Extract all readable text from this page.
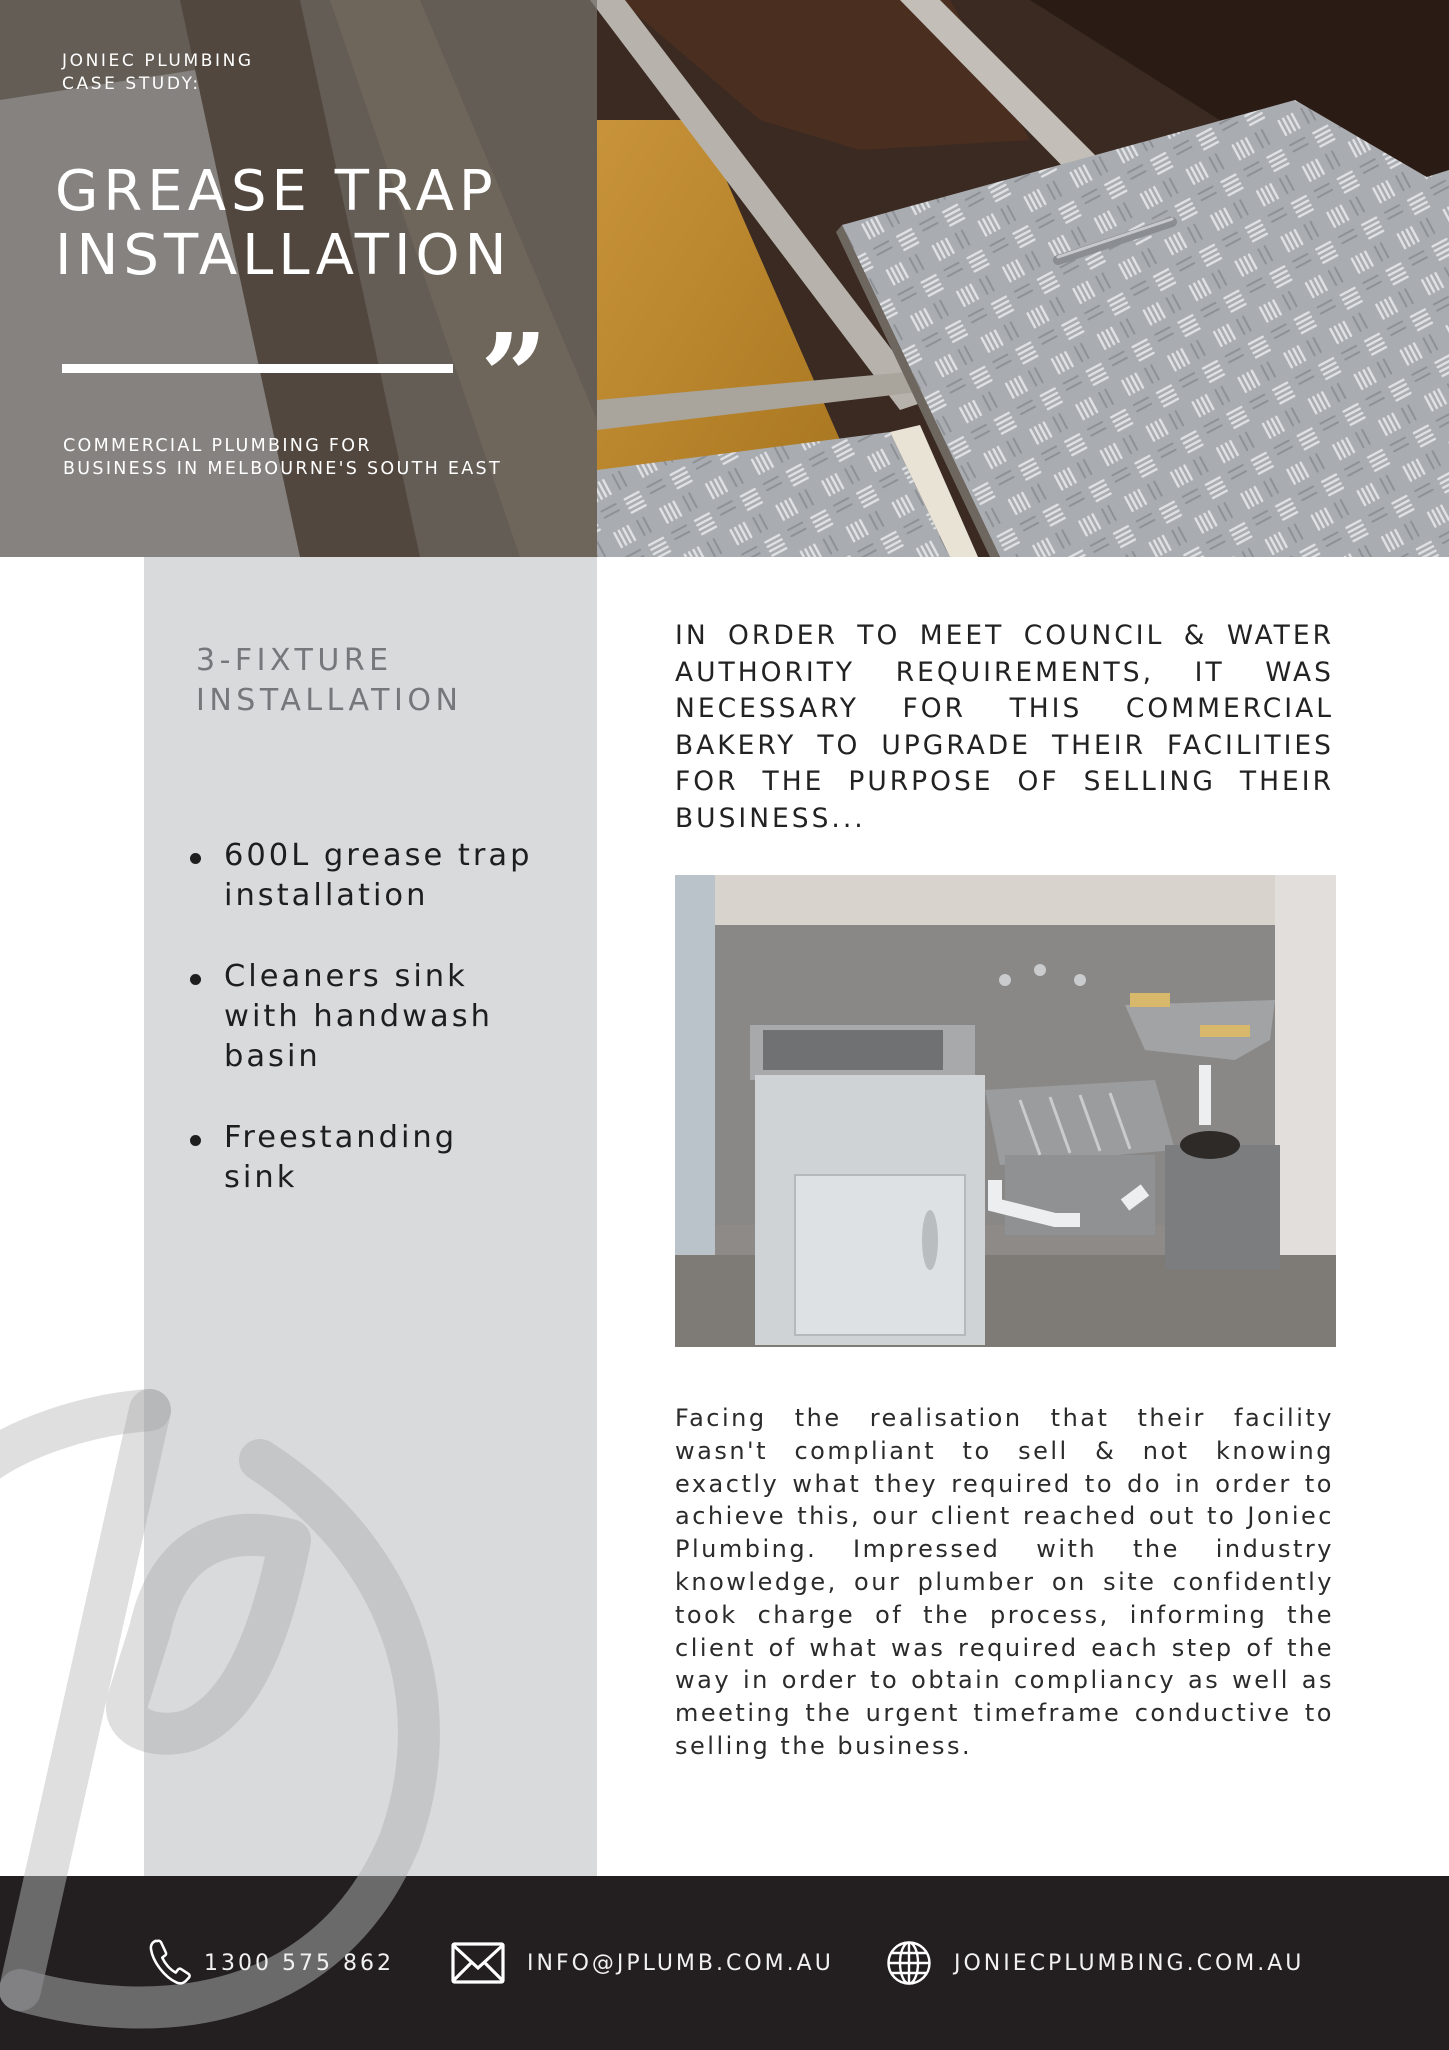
JONIEC PLUMBING
CASE STUDY:
GREASE TRAP
INSTALLATION
”
COMMERCIAL PLUMBING FOR
BUSINESS IN MELBOURNE'S SOUTH EAST
3-FIXTURE
INSTALLATION
600L grease trap
installation
Cleaners sink
with handwash
basin
Freestanding
sink

IN ORDER TO MEET COUNCIL & WATER AUTHORITY REQUIREMENTS, IT WAS NECESSARY FOR THIS COMMERCIAL BAKERY TO UPGRADE THEIR FACILITIES FOR THE PURPOSE OF SELLING THEIR BUSINESS...

Facing the realisation that their facility wasn't compliant to sell & not knowing exactly what they required to do in order to achieve this, our client reached out to Joniec Plumbing. Impressed with the industry knowledge, our plumber on site confidently took charge of the process, informing the client of what was required each step of the way in order to obtain compliancy as well as meeting the urgent timeframe conductive to selling the business.

1300 575 862	INFO@JPLUMB.COM.AU	JONIECPLUMBING.COM.AU
